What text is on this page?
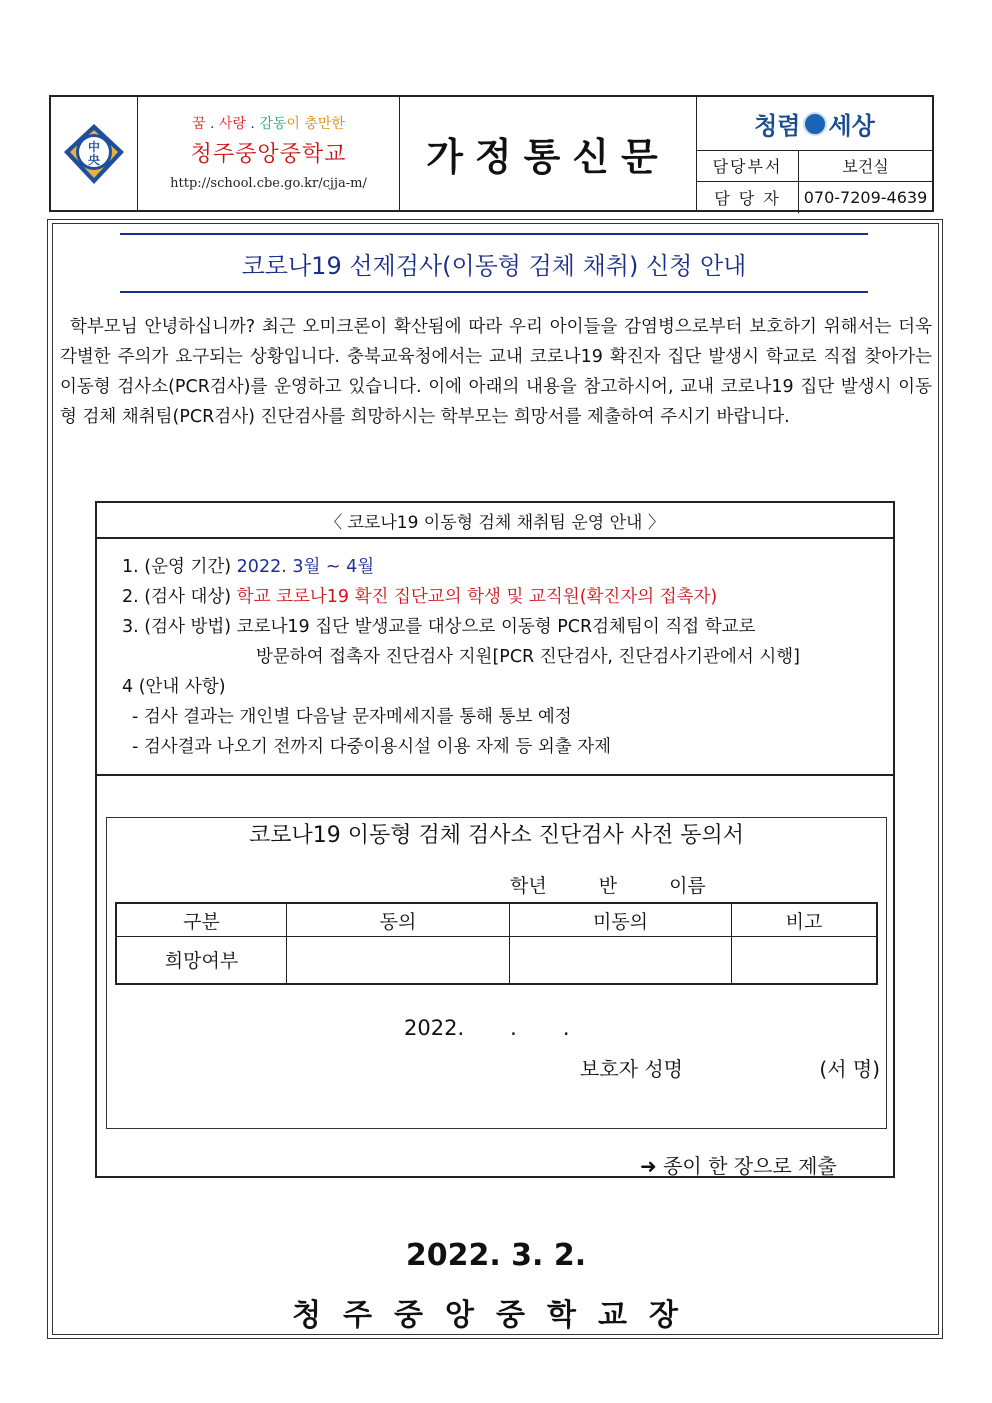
中
央
꿈 . 사랑 . 감동이 충만한
청주중앙중학교
http://school.cbe.go.kr/cjja-m/
가정통신문
청렴 세상
담당부서	보건실
담 당 자	070-7209-4639
코로나19 선제검사(이동형 검체 채취) 신청 안내
학부모님 안녕하십니까? 최근 오미크론이 확산됨에 따라 우리 아이들을 감염병으로부터 보호하기 위해서는 더욱 각별한 주의가 요구되는 상황입니다. 충북교육청에서는 교내 코로나19 확진자 집단 발생시 학교로 직접 찾아가는 이동형 검사소(PCR검사)를 운영하고 있습니다. 이에 아래의 내용을 참고하시어, 교내 코로나19 집단 발생시 이동형 검체 채취팀(PCR검사) 진단검사를 희망하시는 학부모는 희망서를 제출하여 주시기 바랍니다.
〈 코로나19 이동형 검체 채취팀 운영 안내 〉
1. (운영 기간) 2022. 3월 ~ 4월
2. (검사 대상) 학교 코로나19 확진 집단교의 학생 및 교직원(확진자의 접촉자)
3. (검사 방법) 코로나19 집단 발생교를 대상으로 이동형 PCR검체팀이 직접 학교로
방문하여 접촉자 진단검사 지원[PCR 진단검사, 진단검사기관에서 시행]
4 (안내 사항)
- 검사 결과는 개인별 다음날 문자메세지를 통해 통보 예정
- 검사결과 나오기 전까지 다중이용시설 이용 자제 등 외출 자제
코로나19 이동형 검체 검사소 진단검사 사전 동의서
학년	반	이름
구분	동의	미동의	비고
희망여부
2022. . .
보호자 성명	(서 명)
➜ 종이 한 장으로 제출
2022. 3. 2.
청주중앙중학교장
